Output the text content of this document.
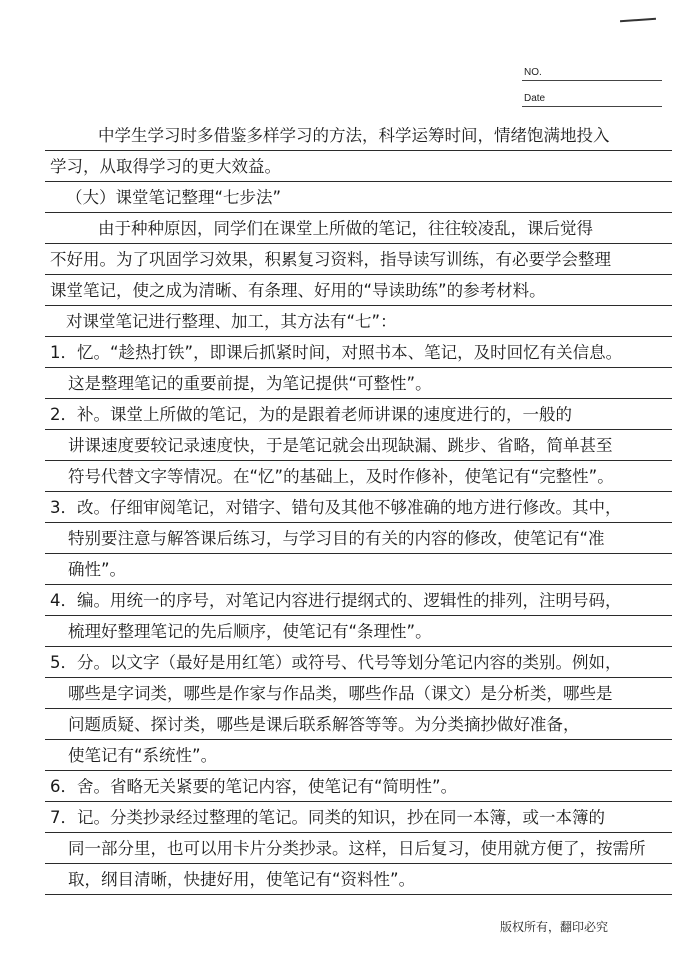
NO.
Date
中学生学习时多借鉴多样学习的方法，科学运筹时间，情绪饱满地投入
学习，从取得学习的更大效益。
（大）课堂笔记整理“七步法”
由于种种原因，同学们在课堂上所做的笔记，往往较凌乱，课后觉得
不好用。为了巩固学习效果，积累复习资料，指导读写训练，有必要学会整理
课堂笔记，使之成为清晰、有条理、好用的“导读助练”的参考材料。
对课堂笔记进行整理、加工，其方法有“七”：
1．忆。“趁热打铁”，即课后抓紧时间，对照书本、笔记，及时回忆有关信息。
这是整理笔记的重要前提，为笔记提供“可整性”。
2．补。课堂上所做的笔记，为的是跟着老师讲课的速度进行的，一般的
讲课速度要较记录速度快，于是笔记就会出现缺漏、跳步、省略，简单甚至
符号代替文字等情况。在“忆”的基础上，及时作修补，使笔记有“完整性”。
3．改。仔细审阅笔记，对错字、错句及其他不够准确的地方进行修改。其中，
特别要注意与解答课后练习，与学习目的有关的内容的修改，使笔记有“准
确性”。
4．编。用统一的序号，对笔记内容进行提纲式的、逻辑性的排列，注明号码，
梳理好整理笔记的先后顺序，使笔记有“条理性”。
5．分。以文字（最好是用红笔）或符号、代号等划分笔记内容的类别。例如，
哪些是字词类，哪些是作家与作品类，哪些作品（课文）是分析类，哪些是
问题质疑、探讨类，哪些是课后联系解答等等。为分类摘抄做好准备，
使笔记有“系统性”。
6．舍。省略无关紧要的笔记内容，使笔记有“简明性”。
7．记。分类抄录经过整理的笔记。同类的知识，抄在同一本簿，或一本簿的
同一部分里，也可以用卡片分类抄录。这样，日后复习，使用就方便了，按需所
取，纲目清晰，快捷好用，使笔记有“资料性”。
版权所有，翻印必究
